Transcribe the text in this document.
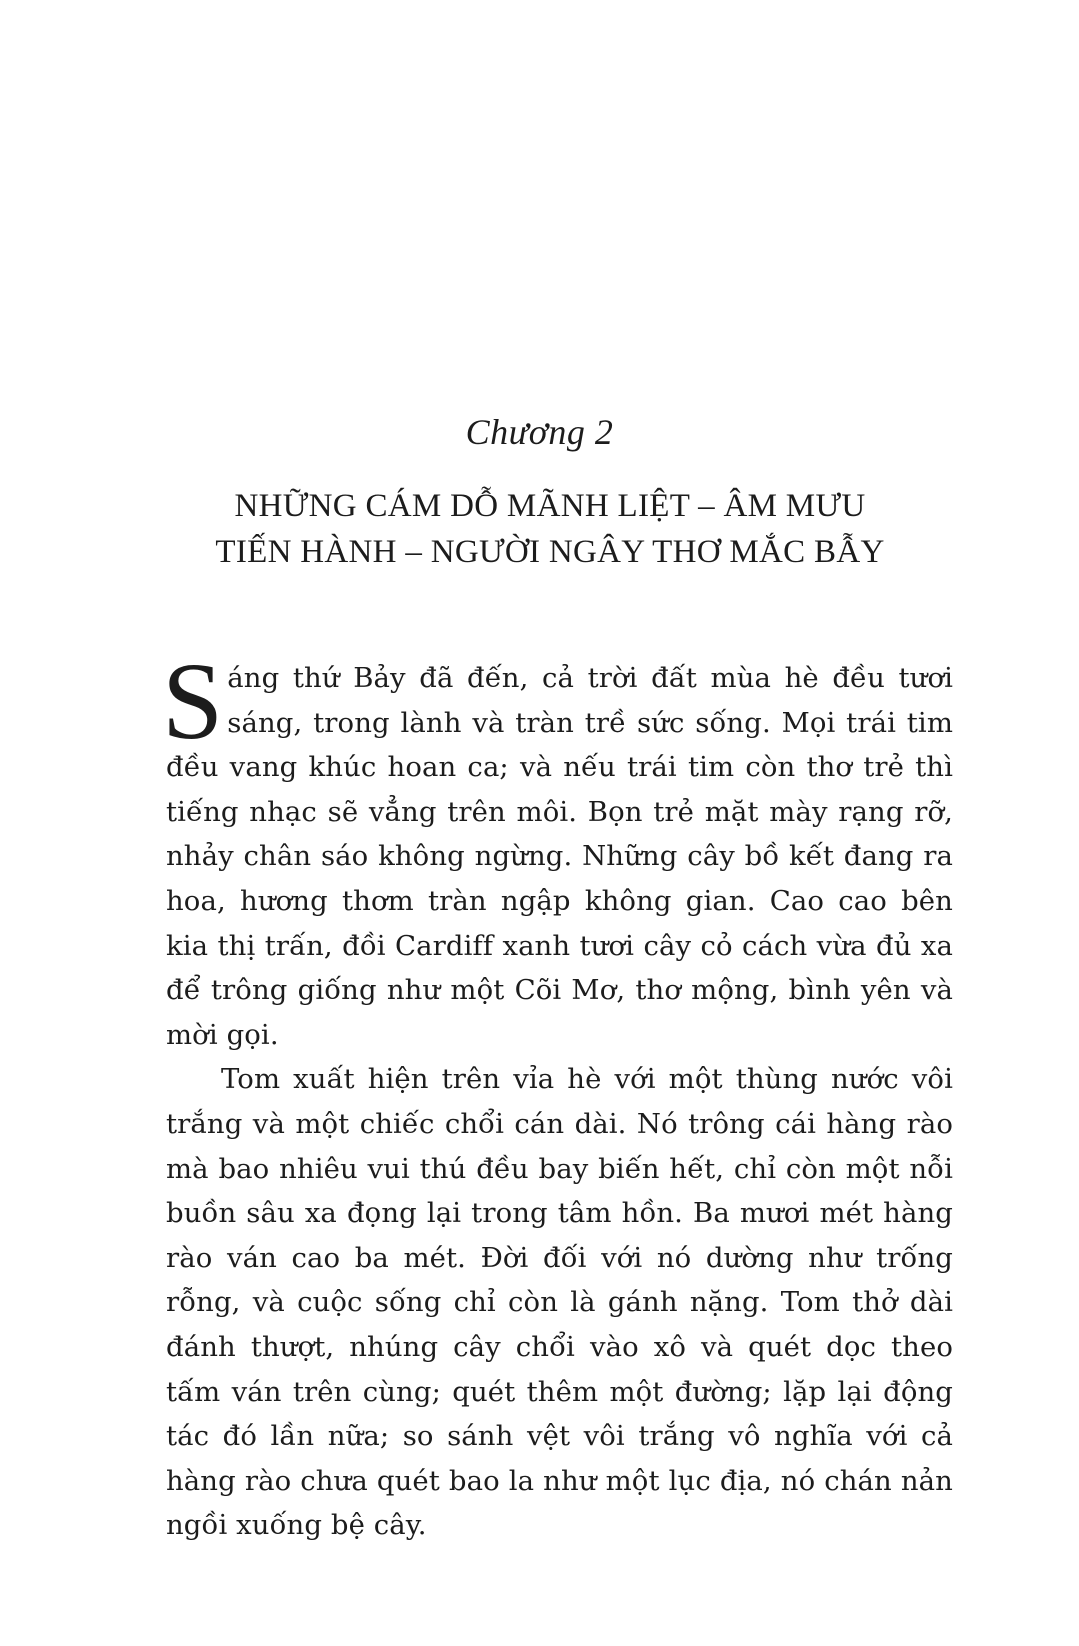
Chương 2
NHỮNG CÁM DỖ MÃNH LIỆT – ÂM MƯU
TIẾN HÀNH – NGƯỜI NGÂY THƠ MẮC BẪY

Sáng thứ Bảy đã đến, cả trời đất mùa hè đều tươi sáng, trong lành và tràn trề sức sống. Mọi trái tim đều vang khúc hoan ca; và nếu trái tim còn thơ trẻ thì tiếng nhạc sẽ vẳng trên môi. Bọn trẻ mặt mày rạng rỡ, nhảy chân sáo không ngừng. Những cây bồ kết đang ra hoa, hương thơm tràn ngập không gian. Cao cao bên kia thị trấn, đồi Cardiff xanh tươi cây cỏ cách vừa đủ xa để trông giống như một Cõi Mơ, thơ mộng, bình yên và mời gọi.

Tom xuất hiện trên vỉa hè với một thùng nước vôi trắng và một chiếc chổi cán dài. Nó trông cái hàng rào mà bao nhiêu vui thú đều bay biến hết, chỉ còn một nỗi buồn sâu xa đọng lại trong tâm hồn. Ba mươi mét hàng rào ván cao ba mét. Đời đối với nó dường như trống rỗng, và cuộc sống chỉ còn là gánh nặng. Tom thở dài đánh thượt, nhúng cây chổi vào xô và quét dọc theo tấm ván trên cùng; quét thêm một đường; lặp lại động tác đó lần nữa; so sánh vệt vôi trắng vô nghĩa với cả hàng rào chưa quét bao la như một lục địa, nó chán nản ngồi xuống bệ cây.
